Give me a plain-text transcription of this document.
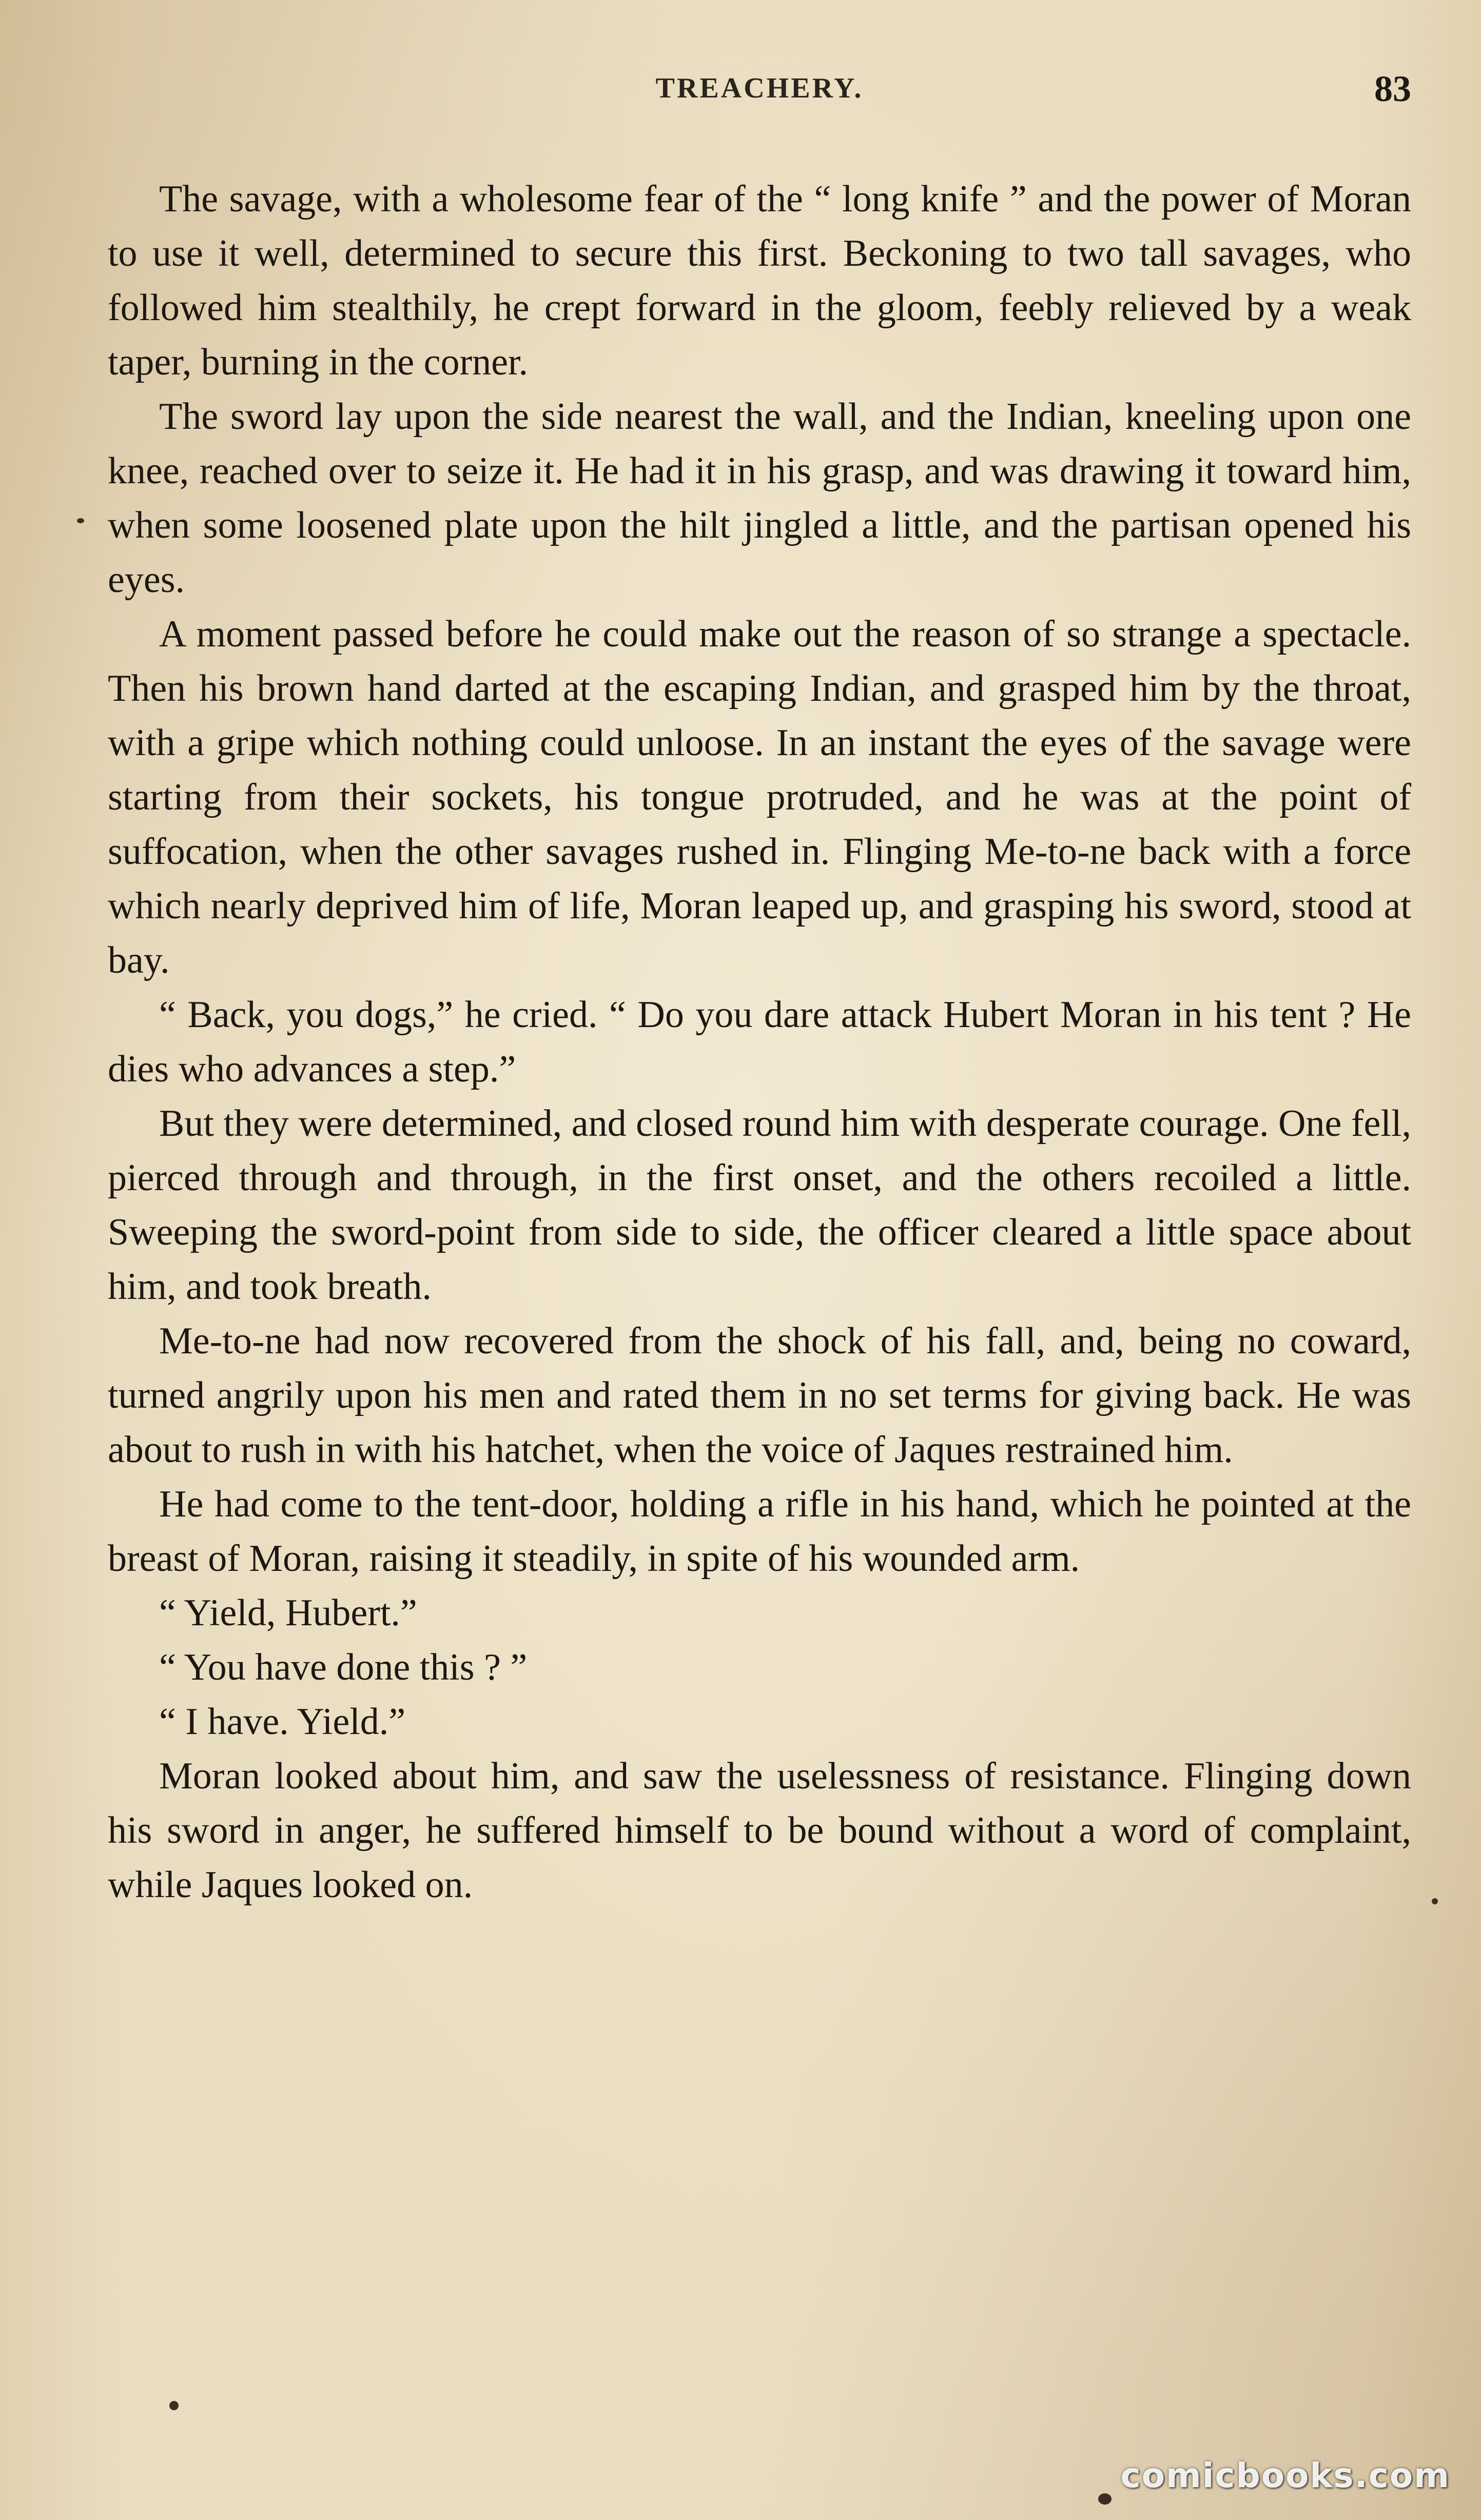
TREACHERY.	83

The savage, with a wholesome fear of the “ long knife ” and the power of Moran to use it well, determined to secure this first. Beckoning to two tall savages, who followed him stealthily, he crept forward in the gloom, feebly relieved by a weak taper, burning in the corner.

The sword lay upon the side nearest the wall, and the Indian, kneeling upon one knee, reached over to seize it. He had it in his grasp, and was drawing it toward him, when some loosened plate upon the hilt jingled a little, and the partisan opened his eyes.

A moment passed before he could make out the reason of so strange a spectacle. Then his brown hand darted at the escaping Indian, and grasped him by the throat, with a gripe which nothing could unloose. In an instant the eyes of the savage were starting from their sockets, his tongue protruded, and he was at the point of suffocation, when the other savages rushed in. Flinging Me-to-ne back with a force which nearly deprived him of life, Moran leaped up, and grasping his sword, stood at bay.

“ Back, you dogs,” he cried. “ Do you dare attack Hubert Moran in his tent ? He dies who advances a step.”

But they were determined, and closed round him with desperate courage. One fell, pierced through and through, in the first onset, and the others recoiled a little. Sweeping the sword-point from side to side, the officer cleared a little space about him, and took breath.

Me-to-ne had now recovered from the shock of his fall, and, being no coward, turned angrily upon his men and rated them in no set terms for giving back. He was about to rush in with his hatchet, when the voice of Jaques restrained him.

He had come to the tent-door, holding a rifle in his hand, which he pointed at the breast of Moran, raising it steadily, in spite of his wounded arm.

“ Yield, Hubert.”

“ You have done this ? ”

“ I have. Yield.”

Moran looked about him, and saw the uselessness of resistance. Flinging down his sword in anger, he suffered himself to be bound without a word of complaint, while Jaques looked on.

comicbooks.com
